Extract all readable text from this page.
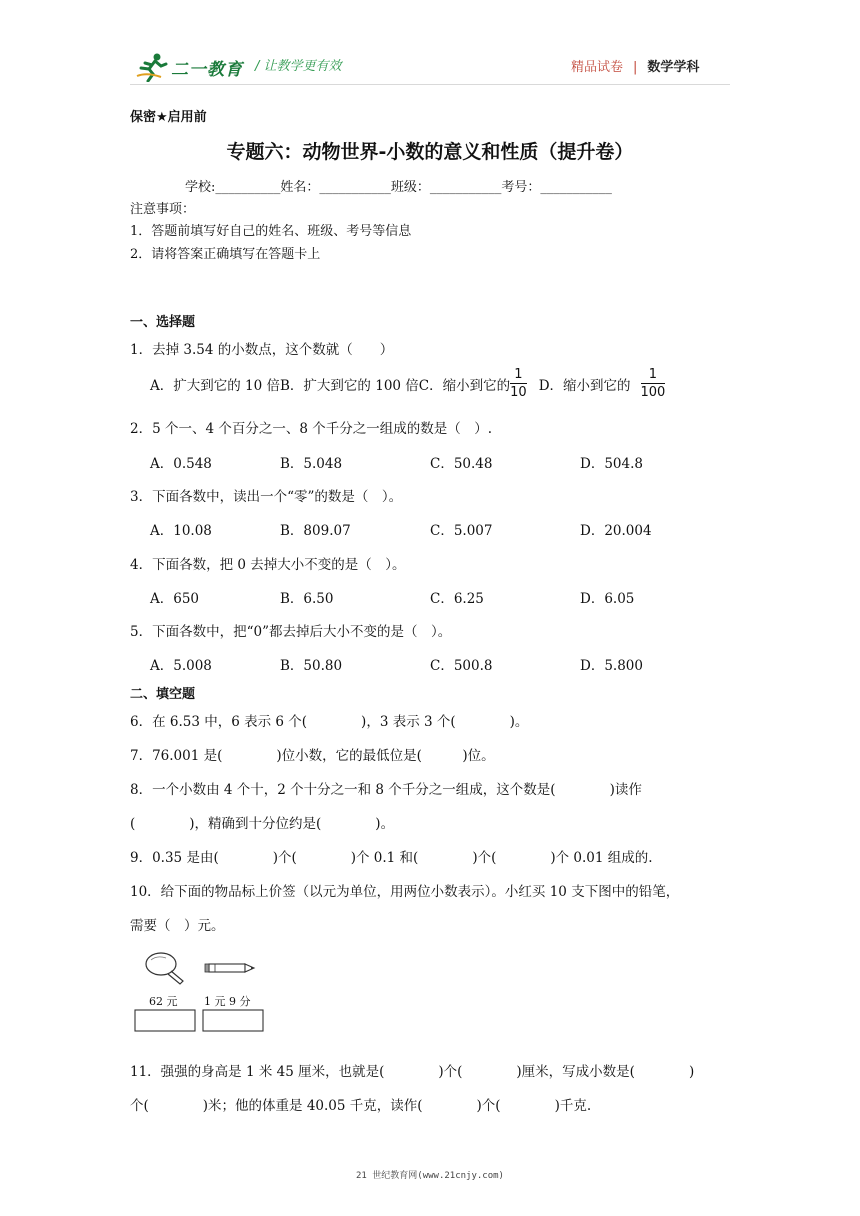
二一教育 / 让教学更有效	精品试卷 | 数学学科
保密★启用前
专题六：动物世界-小数的意义和性质（提升卷）
学校:__________姓名：___________班级：___________考号：___________
注意事项：
1．答题前填写好自己的姓名、班级、考号等信息
2．请将答案正确填写在答题卡上
一、选择题
1．去掉 3.54 的小数点，这个数就（　　）
A．扩大到它的 10 倍 B．扩大到它的 100 倍 C．缩小到它的 $\frac{1}{10}$ D．缩小到它的 $\frac{1}{100}$
2．5 个一、4 个百分之一、8 个千分之一组成的数是（　）.
A．0.548	B．5.048	C．50.48	D．504.8
3．下面各数中，读出一个“零”的数是（　）。
A．10.08	B．809.07	C．5.007	D．20.004
4．下面各数，把 0 去掉大小不变的是（　）。
A．650	B．6.50	C．6.25	D．6.05
5．下面各数中，把“0”都去掉后大小不变的是（　）。
A．5.008	B．50.80	C．500.8	D．5.800
二、填空题
6．在 6.53 中，6 表示 6 个(　　　　)，3 表示 3 个(　　　　)。
7．76.001 是(　　　　)位小数，它的最低位是(　　　)位。
8．一个小数由 4 个十，2 个十分之一和 8 个千分之一组成，这个数是(　　　　)读作
(　　　　)，精确到十分位约是(　　　　)。
9．0.35 是由(　　　　)个(　　　　)个 0.1 和(　　　　)个(　　　　)个 0.01 组成的.
10．给下面的物品标上价签（以元为单位，用两位小数表示）。小红买 10 支下图中的铅笔，
需要（　）元。
62 元 1 元 9 分
11．强强的身高是 1 米 45 厘米，也就是(　　　　)个(　　　　)厘米，写成小数是(　　　　)
个(　　　　)米；他的体重是 40.05 千克，读作(　　　　)个(　　　　)千克.
21 世纪教育网(www.21cnjy.com)
